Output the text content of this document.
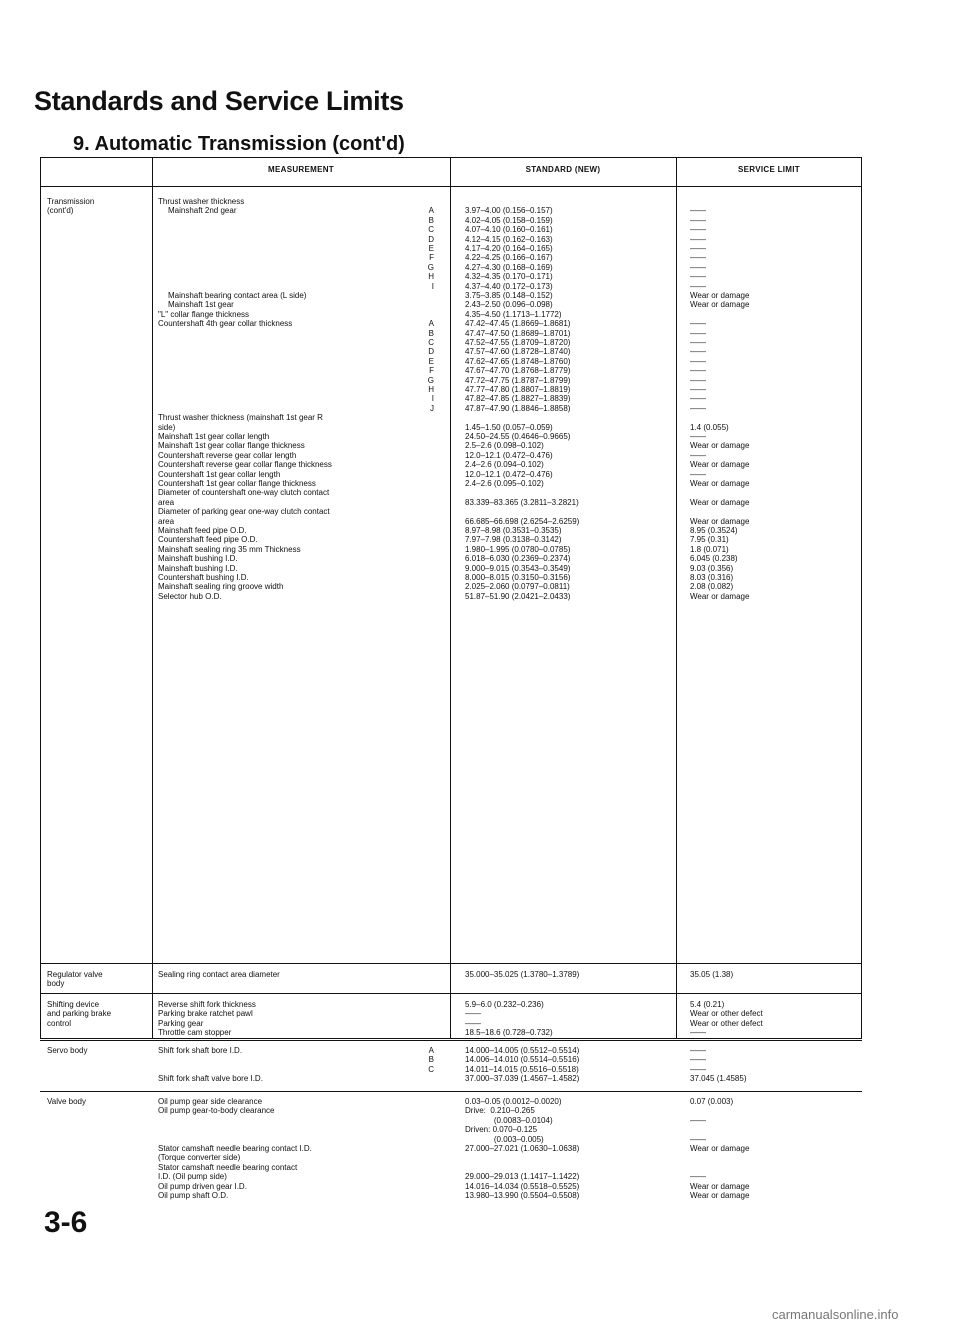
Standards and Service Limits
9. Automatic Transmission (cont'd)
MEASUREMENT	STANDARD (NEW)	SERVICE LIMIT
Transmission
(cont'd)
Thrust washer thickness
Mainshaft 2nd gear	A	3.97–4.00 (0.156–0.157)	——
B	4.02–4.05 (0.158–0.159)	——
C	4.07–4.10 (0.160–0.161)	——
D	4.12–4.15 (0.162–0.163)	——
E	4.17–4.20 (0.164–0.165)	——
F	4.22–4.25 (0.166–0.167)	——
G	4.27–4.30 (0.168–0.169)	——
H	4.32–4.35 (0.170–0.171)	——
I	4.37–4.40 (0.172–0.173)	——
Mainshaft bearing contact area (L side)	3.75–3.85 (0.148–0.152)	Wear or damage
Mainshaft 1st gear	2.43–2.50 (0.096–0.098)	Wear or damage
"L" collar flange thickness	4.35–4.50 (1.1713–1.1772)
Countershaft 4th gear collar thickness	A	47.42–47.45 (1.8669–1.8681)	——
B	47.47–47.50 (1.8689–1.8701)	——
C	47.52–47.55 (1.8709–1.8720)	——
D	47.57–47.60 (1.8728–1.8740)	——
E	47.62–47.65 (1.8748–1.8760)	——
F	47.67–47.70 (1.8768–1.8779)	——
G	47.72–47.75 (1.8787–1.8799)	——
H	47.77–47.80 (1.8807–1.8819)	——
I	47.82–47.85 (1.8827–1.8839)	——
J	47.87–47.90 (1.8846–1.8858)	——
Thrust washer thickness (mainshaft 1st gear R
side)	1.45–1.50 (0.057–0.059)	1.4 (0.055)
Mainshaft 1st gear collar length	24.50–24.55 (0.4646–0.9665)	——
Mainshaft 1st gear collar flange thickness	2.5–2.6 (0.098–0.102)	Wear or damage
Countershaft reverse gear collar length	12.0–12.1 (0.472–0.476)	——
Countershaft reverse gear collar flange thickness	2.4–2.6 (0.094–0.102)	Wear or damage
Countershaft 1st gear collar length	12.0–12.1 (0.472–0.476)	——
Countershaft 1st gear collar flange thickness	2.4–2.6 (0.095–0.102)	Wear or damage
Diameter of countershaft one-way clutch contact
area	83.339–83.365 (3.2811–3.2821)	Wear or damage
Diameter of parking gear one-way clutch contact
area	66.685–66.698 (2.6254–2.6259)	Wear or damage
Mainshaft feed pipe O.D.	8.97–8.98 (0.3531–0.3535)	8.95 (0.3524)
Countershaft feed pipe O.D.	7.97–7.98 (0.3138–0.3142)	7.95 (0.31)
Mainshaft sealing ring 35 mm Thickness	1.980–1.995 (0.0780–0.0785)	1.8 (0.071)
Mainshaft bushing I.D.	6.018–6.030 (0.2369–0.2374)	6.045 (0.238)
Mainshaft bushing I.D.	9.000–9.015 (0.3543–0.3549)	9.03 (0.356)
Countershaft bushing I.D.	8.000–8.015 (0.3150–0.3156)	8.03 (0.316)
Mainshaft sealing ring groove width	2.025–2.060 (0.0797–0.0811)	2.08 (0.082)
Selector hub O.D.	51.87–51.90 (2.0421–2.0433)	Wear or damage
Regulator valve
body
Sealing ring contact area diameter	35.000–35.025 (1.3780–1.3789)	35.05 (1.38)
Shifting device
and parking brake
control
Reverse shift fork thickness	5.9–6.0 (0.232–0.236)	5.4 (0.21)
Parking brake ratchet pawl	——	Wear or other defect
Parking gear	——	Wear or other defect
Throttle cam stopper	18.5–18.6 (0.728–0.732)	——
Servo body	Shift fork shaft bore I.D.	A	14.000–14.005 (0.5512–0.5514)	——
B	14.006–14.010 (0.5514–0.5516)	——
C	14.011–14.015 (0.5516–0.5518)	——
Shift fork shaft valve bore I.D.	37.000–37.039 (1.4567–1.4582)	37.045 (1.4585)
Valve body	Oil pump gear side clearance	0.03–0.05 (0.0012–0.0020)	0.07 (0.003)
Oil pump gear-to-body clearance	Drive:  0.210–0.265
(0.0083–0.0104)	——
Driven: 0.070–0.125
(0.003–0.005)	——
Stator camshaft needle bearing contact I.D.	27.000–27.021 (1.0630–1.0638)	Wear or damage
(Torque converter side)
Stator camshaft needle bearing contact
I.D. (Oil pump side)	29.000–29.013 (1.1417–1.1422)	——
Oil pump driven gear I.D.	14.016–14.034 (0.5518–0.5525)	Wear or damage
Oil pump shaft O.D.	13.980–13.990 (0.5504–0.5508)	Wear or damage
3-6
carmanualsonline.info
